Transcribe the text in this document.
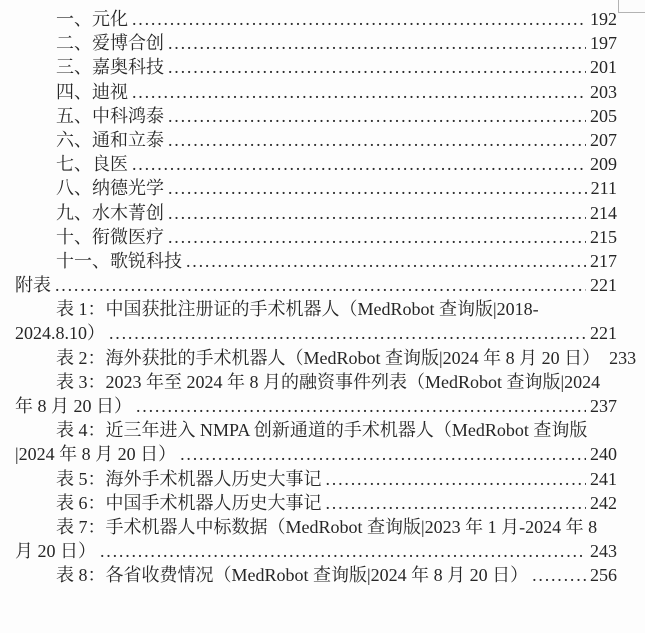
一、元化 .....	192
二、爱博合创 .....	197
三、嘉奥科技 .....	201
四、迪视 .....	203
五、中科鸿泰 .....	205
六、通和立泰 .....	207
七、良医 .....	209
八、纳德光学 .....	211
九、水木菁创 .....	214
十、衔微医疗 .....	215
十一、歌锐科技 .....	217
附表 .....	221
表 1：中国获批注册证的手术机器人（MedRobot 查询版|2018-
2024.8.10） .....	221
表 2：海外获批的手术机器人（MedRobot 查询版|2024 年 8 月 20 日） 233
表 3：2023 年至 2024 年 8 月的融资事件列表（MedRobot 查询版|2024
年 8 月 20 日） .....	237
表 4：近三年进入 NMPA 创新通道的手术机器人（MedRobot 查询版
|2024 年 8 月 20 日） .....	240
表 5：海外手术机器人历史大事记 .....	241
表 6：中国手术机器人历史大事记 .....	242
表 7：手术机器人中标数据（MedRobot 查询版|2023 年 1 月-2024 年 8
月 20 日） .....	243
表 8：各省收费情况（MedRobot 查询版|2024 年 8 月 20 日） .....	256
